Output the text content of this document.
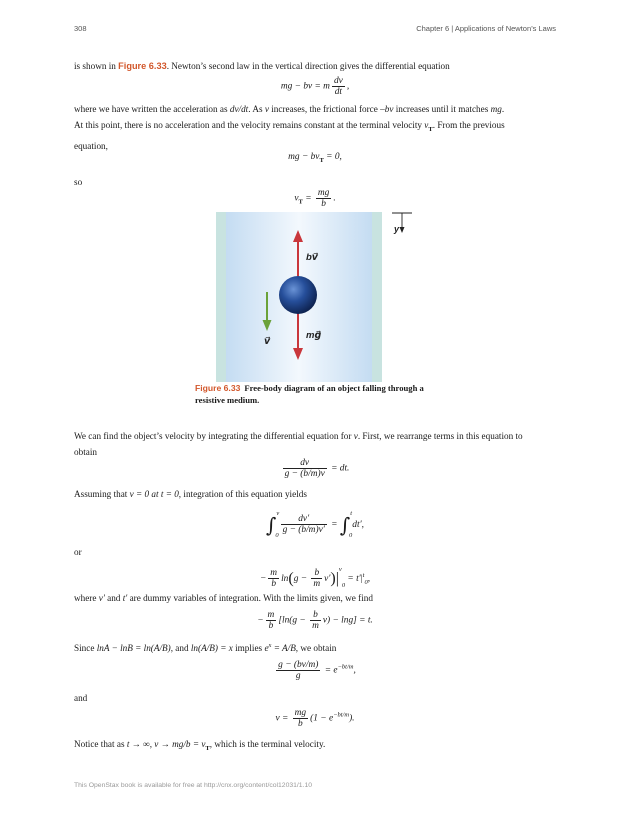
308	Chapter 6 | Applications of Newton’s Laws
is shown in Figure 6.33. Newton’s second law in the vertical direction gives the differential equation
mg − bv = m $\frac{dv}{dt}$ ,
where we have written the acceleration as dv/dt. As v increases, the frictional force –bv increases until it matches mg.
At this point, there is no acceleration and the velocity remains constant at the terminal velocity $v_T$. From the previous
equation,
mg − $bv_T = 0$,
so
$v_T = \frac{mg}{b}$ .
bv⃗
mg⃗
v⃗
y
Figure 6.33 Free-body diagram of an object falling through a resistive medium.
We can find the object’s velocity by integrating the differential equation for v. First, we rearrange terms in this equation to
obtain
$\frac{dv}{g - (b/m)v}$ = dt.
Assuming that v = 0 at t = 0, integration of this equation yields
∫$^v_0$
$\frac{dv'}{g - (b/m)v'} = \int^t_0dt'$,
or
− $\frac{m}{b} \ln(g - \frac{b}{m} v')|^v_0 = t'|^t_0$,
where v′ and t′ are dummy variables of integration. With the limits given, we find
− $\frac{m}{b} [\ln(g - \frac{b}{m} v) - \ln g] = t$.
Since lnA − lnB = ln(A/B), and ln(A/B) = x implies $e^x = A/B$, we obtain
$\frac{g - (bv/m)}{g} = e^{-bt/m}$,
and
$v = \frac{mg}{b} (1 - e^{-bt/m})$.
Notice that as t → ∞, $v \to mg/b = v_T$, which is the terminal velocity.
This OpenStax book is available for free at http://cnx.org/content/col12031/1.10
